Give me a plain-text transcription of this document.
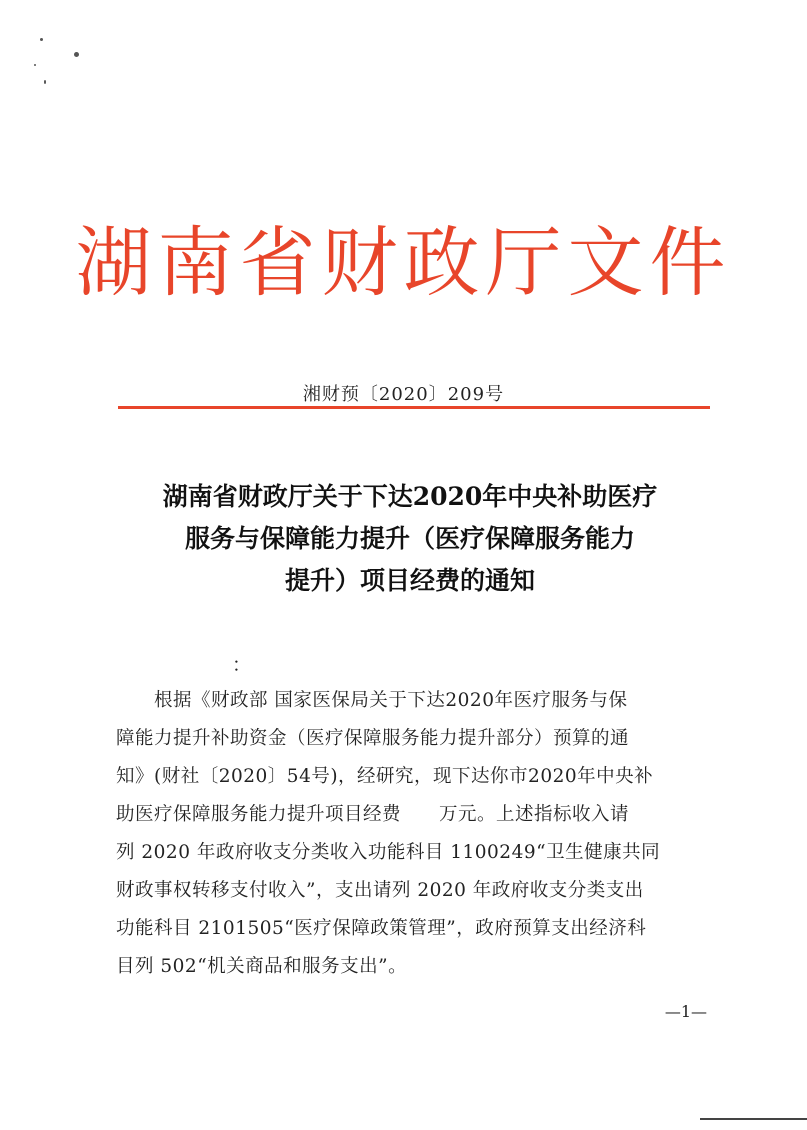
湖南省财政厅文件
湘财预〔2020〕209号
湖南省财政厅关于下达2020年中央补助医疗
服务与保障能力提升（医疗保障服务能力
提升）项目经费的通知
：
　　根据《财政部 国家医保局关于下达2020年医疗服务与保
障能力提升补助资金（医疗保障服务能力提升部分）预算的通
知》(财社〔2020〕54号)，经研究，现下达你市2020年中央补
助医疗保障服务能力提升项目经费　　万元。上述指标收入请
列 2020 年政府收支分类收入功能科目 1100249“卫生健康共同
财政事权转移支付收入”，支出请列 2020 年政府收支分类支出
功能科目 2101505“医疗保障政策管理”，政府预算支出经济科
目列 502“机关商品和服务支出”。
—1—
